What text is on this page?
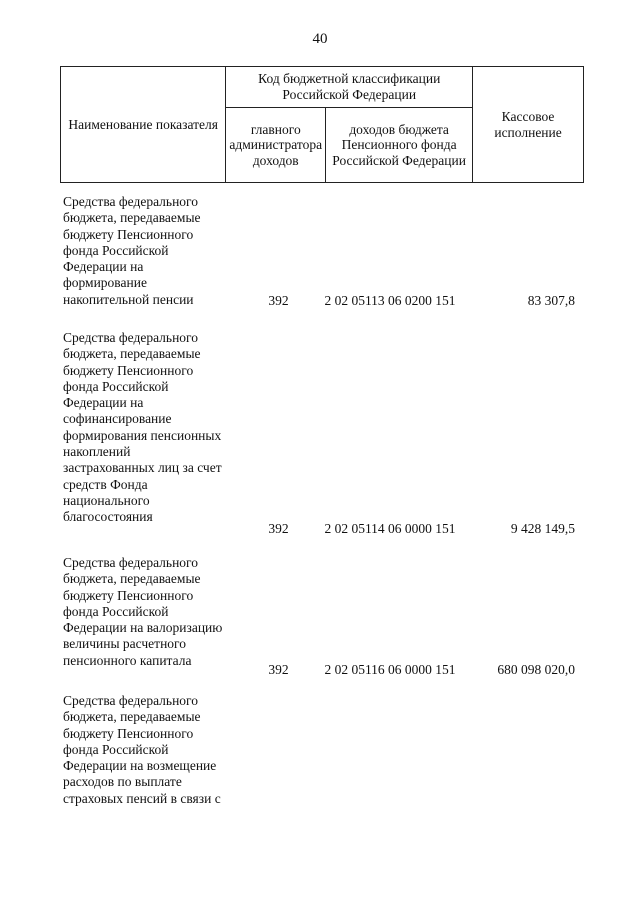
40
Наименование показателя	Код бюджетной классификации Российской Федерации		Кассовое исполнение
	главного администратора доходов	доходов бюджета Пенсионного фонда Российской Федерации	
Средства федерального
бюджета, передаваемые
бюджету Пенсионного
фонда Российской
Федерации на
формирование
накопительной пенсии	392	2 02 05113 06 0200 151	83 307,8
Средства федерального
бюджета, передаваемые
бюджету Пенсионного
фонда Российской
Федерации на
софинансирование
формирования пенсионных
накоплений
застрахованных лиц за счет
средств Фонда
национального
благосостояния
392	2 02 05114 06 0000 151	9 428 149,5
Средства федерального
бюджета, передаваемые
бюджету Пенсионного
фонда Российской
Федерации на валоризацию
величины расчетного
пенсионного капитала
392	2 02 05116 06 0000 151	680 098 020,0
Средства федерального
бюджета, передаваемые
бюджету Пенсионного
фонда Российской
Федерации на возмещение
расходов по выплате
страховых пенсий в связи с
